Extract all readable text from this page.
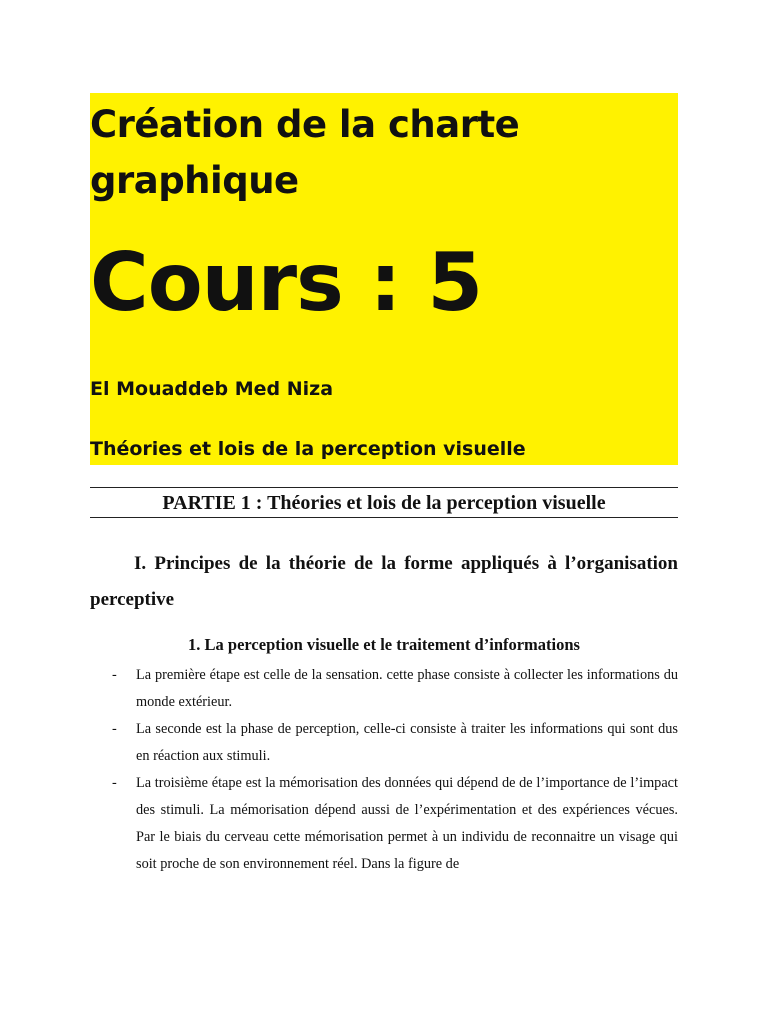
Création de la charte

graphique

Cours : 5

El Mouaddeb Med Niza

Théories et lois de la perception visuelle

PARTIE 1 : Théories et lois de la perception visuelle

I. Principes de la théorie de la forme appliqués à l’organisation perceptive

1. La perception visuelle et le traitement d’informations
- La première étape est celle de la sensation. cette phase consiste à collecter les informations du monde extérieur.
- La seconde est la phase de perception, celle-ci consiste à traiter les informations qui sont dus en réaction aux stimuli.
- La troisième étape est la mémorisation des données qui dépend de de l’importance de l’impact des stimuli. La mémorisation dépend aussi de l’expérimentation et des expériences vécues. Par le biais du cerveau cette mémorisation permet à un individu de reconnaitre un visage qui soit proche de son environnement réel. Dans la figure de
